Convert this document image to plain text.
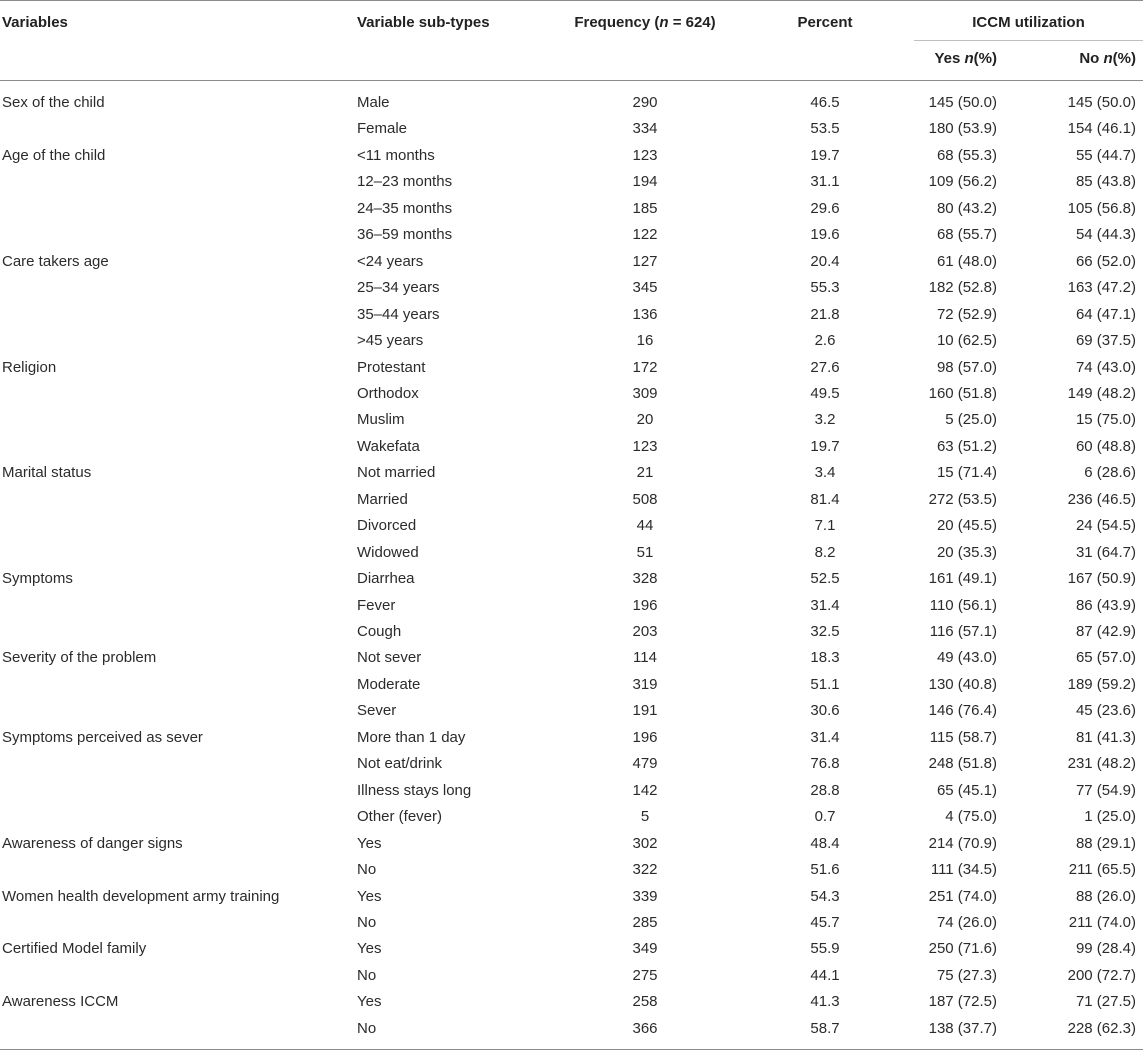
Variables	Variable sub-types	Frequency (n = 624)	Percent	ICCM utilization
Yes n(%)	No n(%)
Sex of the child	Male	290	46.5	145 (50.0)	145 (50.0)
Female	334	53.5	180 (53.9)	154 (46.1)
Age of the child	<11 months	123	19.7	68 (55.3)	55 (44.7)
12–23 months	194	31.1	109 (56.2)	85 (43.8)
24–35 months	185	29.6	80 (43.2)	105 (56.8)
36–59 months	122	19.6	68 (55.7)	54 (44.3)
Care takers age	<24 years	127	20.4	61 (48.0)	66 (52.0)
25–34 years	345	55.3	182 (52.8)	163 (47.2)
35–44 years	136	21.8	72 (52.9)	64 (47.1)
>45 years	16	2.6	10 (62.5)	69 (37.5)
Religion	Protestant	172	27.6	98 (57.0)	74 (43.0)
Orthodox	309	49.5	160 (51.8)	149 (48.2)
Muslim	20	3.2	5 (25.0)	15 (75.0)
Wakefata	123	19.7	63 (51.2)	60 (48.8)
Marital status	Not married	21	3.4	15 (71.4)	6 (28.6)
Married	508	81.4	272 (53.5)	236 (46.5)
Divorced	44	7.1	20 (45.5)	24 (54.5)
Widowed	51	8.2	20 (35.3)	31 (64.7)
Symptoms	Diarrhea	328	52.5	161 (49.1)	167 (50.9)
Fever	196	31.4	110 (56.1)	86 (43.9)
Cough	203	32.5	116 (57.1)	87 (42.9)
Severity of the problem	Not sever	114	18.3	49 (43.0)	65 (57.0)
Moderate	319	51.1	130 (40.8)	189 (59.2)
Sever	191	30.6	146 (76.4)	45 (23.6)
Symptoms perceived as sever	More than 1 day	196	31.4	115 (58.7)	81 (41.3)
Not eat/drink	479	76.8	248 (51.8)	231 (48.2)
Illness stays long	142	28.8	65 (45.1)	77 (54.9)
Other (fever)	5	0.7	4 (75.0)	1 (25.0)
Awareness of danger signs	Yes	302	48.4	214 (70.9)	88 (29.1)
No	322	51.6	111 (34.5)	211 (65.5)
Women health development army training	Yes	339	54.3	251 (74.0)	88 (26.0)
No	285	45.7	74 (26.0)	211 (74.0)
Certified Model family	Yes	349	55.9	250 (71.6)	99 (28.4)
No	275	44.1	75 (27.3)	200 (72.7)
Awareness ICCM	Yes	258	41.3	187 (72.5)	71 (27.5)
No	366	58.7	138 (37.7)	228 (62.3)
